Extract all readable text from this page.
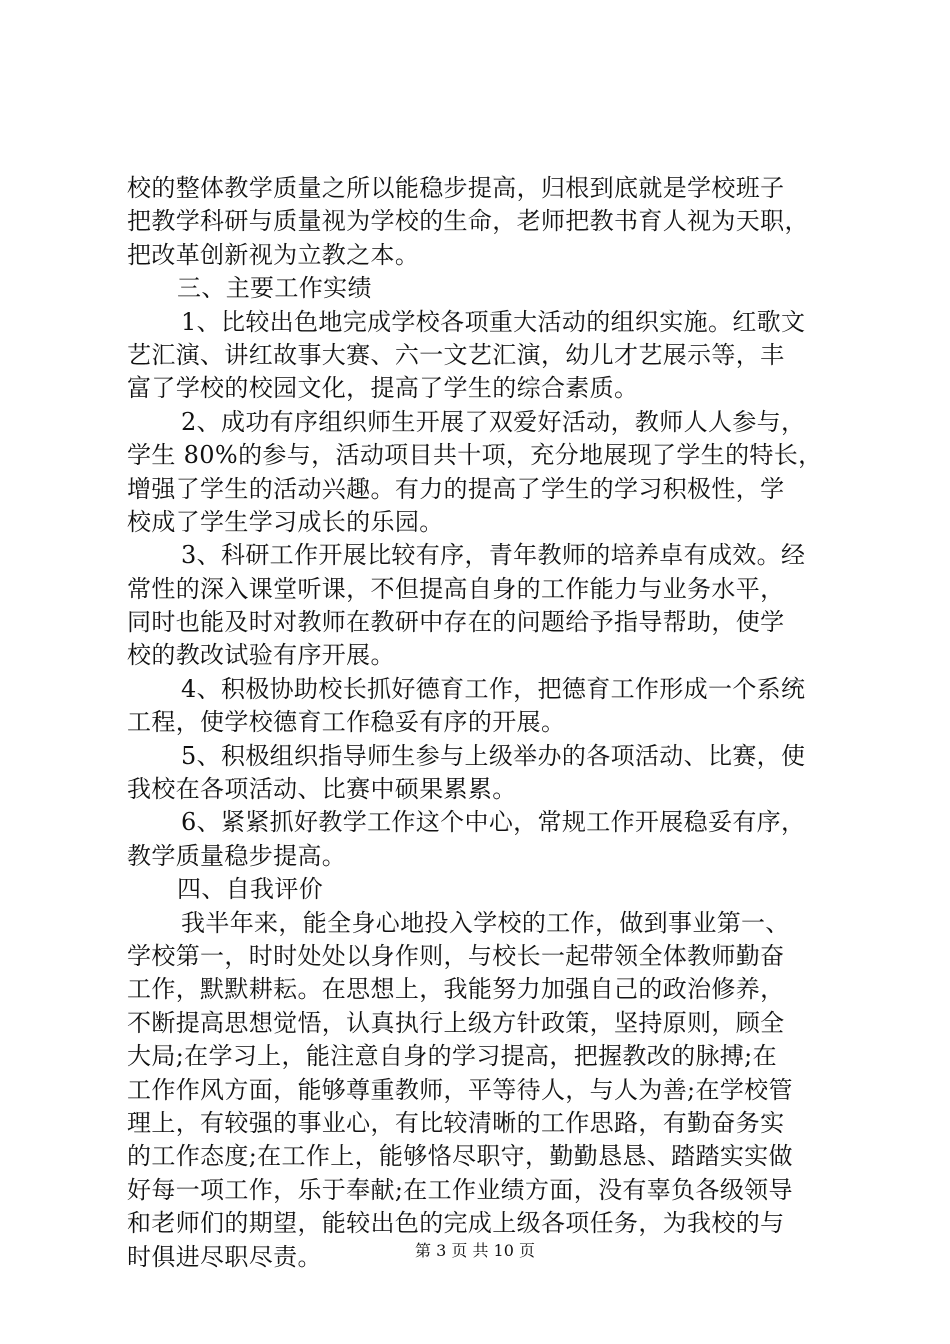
校的整体教学质量之所以能稳步提高，归根到底就是学校班子
把教学科研与质量视为学校的生命，老师把教书育人视为天职，
把改革创新视为立教之本。
三、主要工作实绩
1、比较出色地完成学校各项重大活动的组织实施。红歌文
艺汇演、讲红故事大赛、六一文艺汇演，幼儿才艺展示等，丰
富了学校的校园文化，提高了学生的综合素质。
2、成功有序组织师生开展了双爱好活动，教师人人参与，
学生 80%的参与，活动项目共十项，充分地展现了学生的特长，
增强了学生的活动兴趣。有力的提高了学生的学习积极性，学
校成了学生学习成长的乐园。
3、科研工作开展比较有序，青年教师的培养卓有成效。经
常性的深入课堂听课，不但提高自身的工作能力与业务水平，
同时也能及时对教师在教研中存在的问题给予指导帮助，使学
校的教改试验有序开展。
4、积极协助校长抓好德育工作，把德育工作形成一个系统
工程，使学校德育工作稳妥有序的开展。
5、积极组织指导师生参与上级举办的各项活动、比赛，使
我校在各项活动、比赛中硕果累累。
6、紧紧抓好教学工作这个中心，常规工作开展稳妥有序，
教学质量稳步提高。
四、自我评价
我半年来，能全身心地投入学校的工作，做到事业第一、
学校第一，时时处处以身作则，与校长一起带领全体教师勤奋
工作，默默耕耘。在思想上，我能努力加强自己的政治修养，
不断提高思想觉悟，认真执行上级方针政策，坚持原则，顾全
大局;在学习上，能注意自身的学习提高，把握教改的脉搏;在
工作作风方面，能够尊重教师，平等待人，与人为善;在学校管
理上，有较强的事业心，有比较清晰的工作思路，有勤奋务实
的工作态度;在工作上，能够恪尽职守，勤勤恳恳、踏踏实实做
好每一项工作，乐于奉献;在工作业绩方面，没有辜负各级领导
和老师们的期望，能较出色的完成上级各项任务，为我校的与
时俱进尽职尽责。	第 3 页 共 10 页
